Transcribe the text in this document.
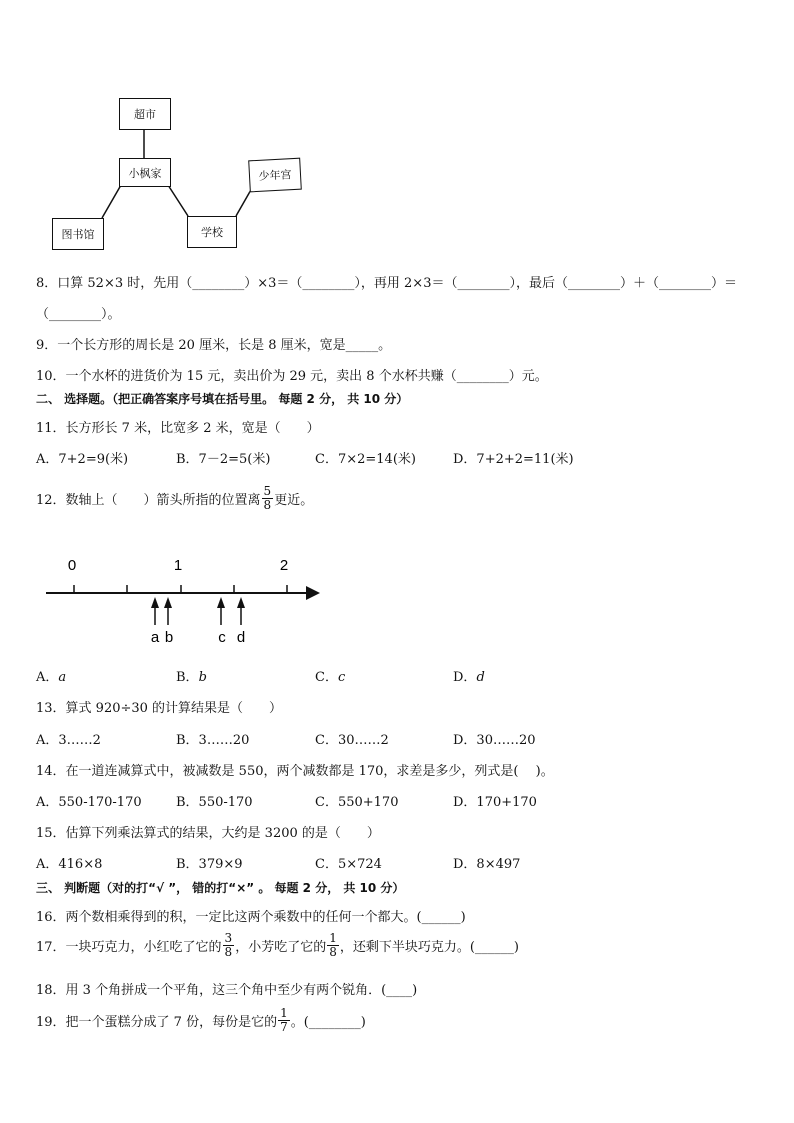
超市
小枫家
图书馆	学校
少年宫
8．口算 52×3 时，先用（________）×3＝（________），再用 2×3＝（________），最后（________）＋（________）＝
（________）。
9．一个长方形的周长是 20 厘米，长是 8 厘米，宽是_____。
10．一个水杯的进货价为 15 元，卖出价为 29 元，卖出 8 个水杯共赚（________）元。
二、 选择题。（把正确答案序号填在括号里。 每题 2 分， 共 10 分）
11．长方形长 7 米，比宽多 2 米，宽是（　　）
A．7+2=9(米)	B．7－2=5(米)	C．7×2=14(米)	D．7+2+2=11(米)
12．数轴上（　　）箭头所指的位置离 $\frac{5}{8}$ 更近。
0	1	2
a b	c d
A．a	B．b	C．c	D．d
13．算式 920÷30 的计算结果是（　　）
A．3……2	B．3……20	C．30……2	D．30……20
14．在一道连减算式中，被减数是 550，两个减数都是 170，求差是多少，列式是(　 )。
A．550-170-170	B．550-170	C．550+170	D．170+170
15．估算下列乘法算式的结果，大约是 3200 的是（　　）
A．416×8	B．379×9	C．5×724	D．8×497
三、 判断题（对的打“√ ”， 错的打“×” 。 每题 2 分， 共 10 分）
16．两个数相乘得到的积，一定比这两个乘数中的任何一个都大。(______)
17．一块巧克力，小红吃了它的 $\frac{3}{8}$ ，小芳吃了它的 $\frac{1}{8}$ ，还剩下半块巧克力。(______)
18．用 3 个角拼成一个平角，这三个角中至少有两个锐角．(____)
19．把一个蛋糕分成了 7 份，每份是它的 $\frac{1}{7}$ 。(________)
